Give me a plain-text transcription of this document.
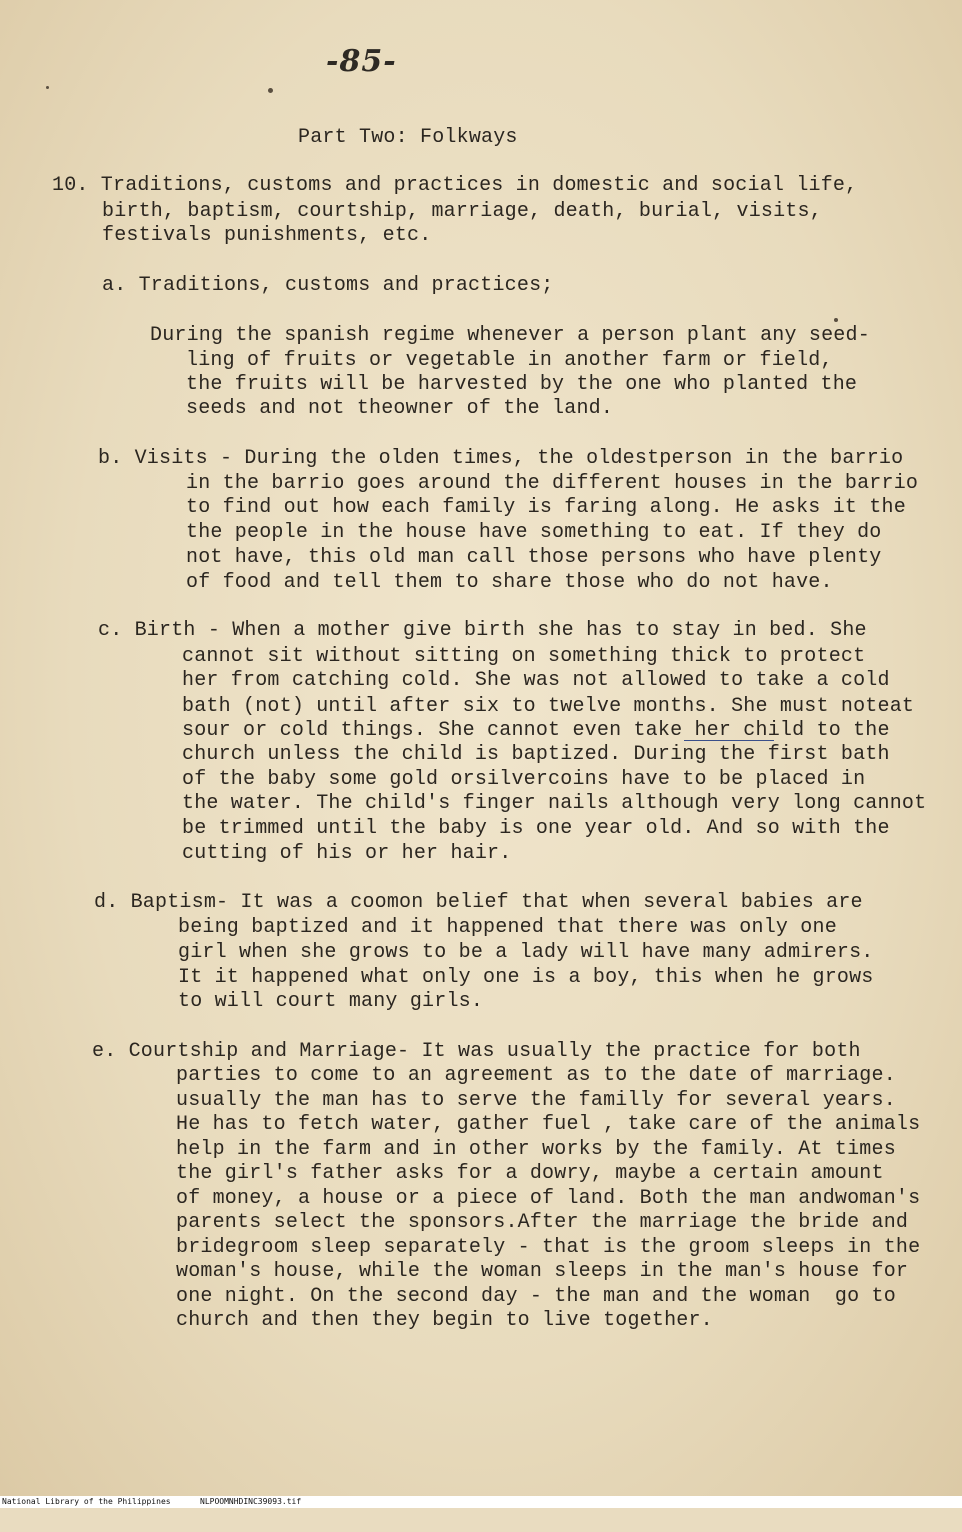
-85-
Part Two: Folkways
10. Traditions, customs and practices in domestic and social life,
birth, baptism, courtship, marriage, death, burial, visits,
festivals punishments, etc.
a. Traditions, customs and practices;
During the spanish regime whenever a person plant any seed-
ling of fruits or vegetable in another farm or field,
the fruits will be harvested by the one who planted the
seeds and not theowner of the land.
b. Visits - During the olden times, the oldestperson in the barrio
in the barrio goes around the different houses in the barrio
to find out how each family is faring along. He asks it the
the people in the house have something to eat. If they do
not have, this old man call those persons who have plenty
of food and tell them to share those who do not have.
c. Birth - When a mother give birth she has to stay in bed. She
cannot sit without sitting on something thick to protect
her from catching cold. She was not allowed to take a cold
bath (not) until after six to twelve months. She must noteat
sour or cold things. She cannot even take her child to the
church unless the child is baptized. During the first bath
of the baby some gold orsilvercoins have to be placed in
the water. The child's finger nails although very long cannot
be trimmed until the baby is one year old. And so with the
cutting of his or her hair.
d. Baptism- It was a coomon belief that when several babies are
being baptized and it happened that there was only one
girl when she grows to be a lady will have many admirers.
It it happened what only one is a boy, this when he grows
to will court many girls.
e. Courtship and Marriage- It was usually the practice for both
parties to come to an agreement as to the date of marriage.
usually the man has to serve the familly for several years.
He has to fetch water, gather fuel , take care of the animals
help in the farm and in other works by the family. At times
the girl's father asks for a dowry, maybe a certain amount
of money, a house or a piece of land. Both the man andwoman's
parents select the sponsors.After the marriage the bride and
bridegroom sleep separately - that is the groom sleeps in the
woman's house, while the woman sleeps in the man's house for
one night. On the second day - the man and the woman  go to
church and then they begin to live together.

National Library of the Philippines

	NLPOOMNHDINC39093.tif
